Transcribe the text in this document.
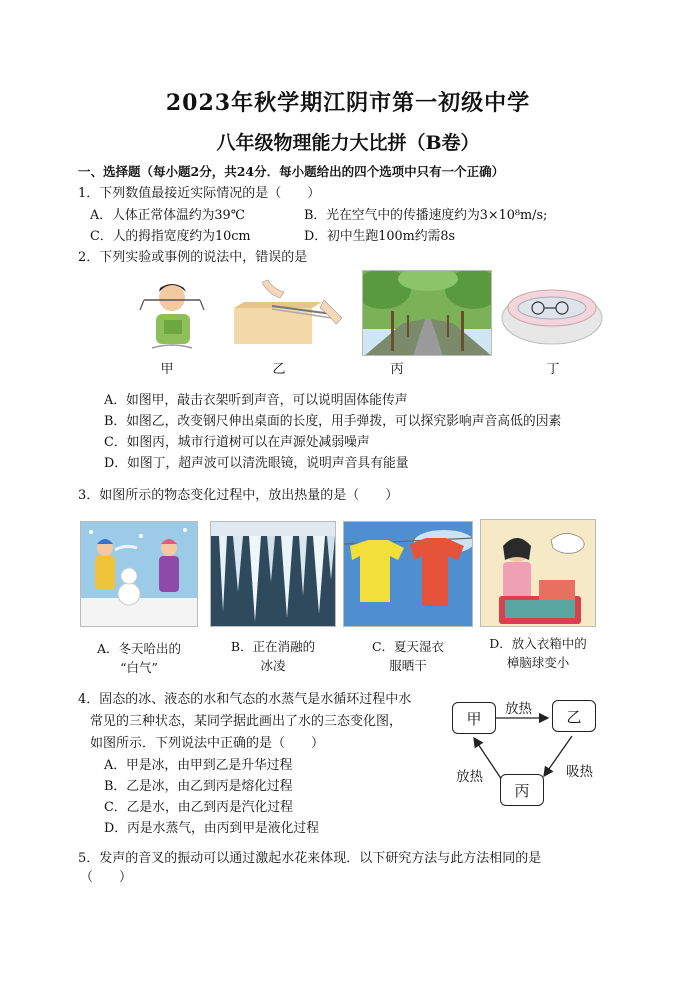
2023年秋学期江阴市第一初级中学
八年级物理能力大比拼（B卷）
一、选择题（每小题2分，共24分．每小题给出的四个选项中只有一个正确）
1．下列数值最接近实际情况的是（　　）
A．人体正常体温约为39℃	B．光在空气中的传播速度约为3×10⁸m/s;
C．人的拇指宽度约为10cm	D．初中生跑100m约需8s
2．下列实验或事例的说法中，错误的是
甲	乙	丙	丁
A．如图甲，敲击衣架听到声音，可以说明固体能传声
B．如图乙，改变钢尺伸出桌面的长度，用手弹拨，可以探究影响声音高低的因素
C．如图丙，城市行道树可以在声源处减弱噪声
D．如图丁，超声波可以清洗眼镜，说明声音具有能量
3．如图所示的物态变化过程中，放出热量的是（　　）
A．冬天哈出的
“白气”
B．正在消融的
冰凌
C．夏天湿衣
服晒干
D．放入衣箱中的
樟脑球变小
4．固态的冰、液态的水和气态的水蒸气是水循环过程中水
常见的三种状态，某同学据此画出了水的三态变化图，
如图所示．下列说法中正确的是（　　）
A．甲是冰，由甲到乙是升华过程
B．乙是冰，由乙到丙是熔化过程
C．乙是水，由乙到丙是汽化过程
D．丙是水蒸气，由丙到甲是液化过程
甲	乙
丙
放热
吸热
放热
5．发声的音叉的振动可以通过激起水花来体现．以下研究方法与此方法相同的是
（　　）
